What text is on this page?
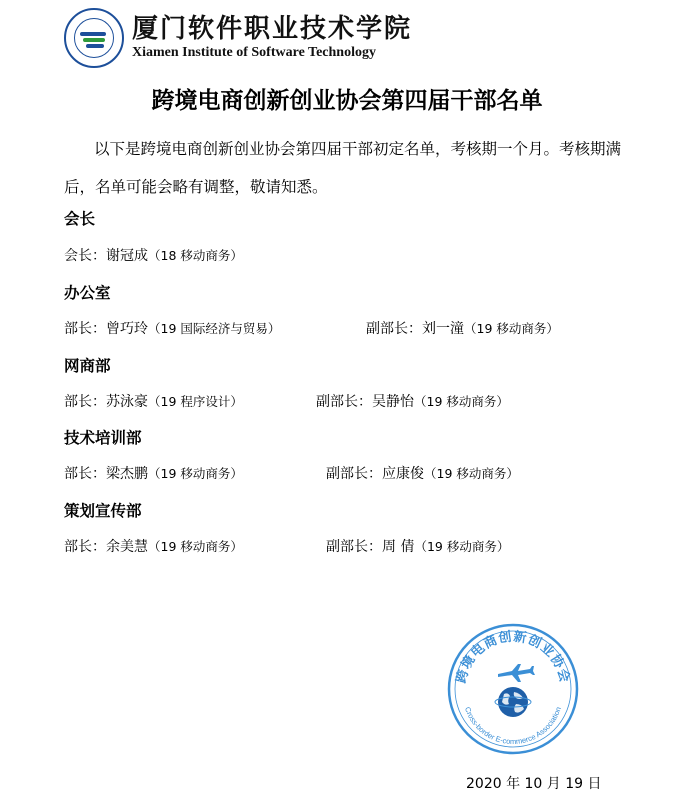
厦门软件职业技术学院
Xiamen Institute of Software Technology
跨境电商创新创业协会第四届干部名单
以下是跨境电商创新创业协会第四届干部初定名单，考核期一个月。考核期满后，名单可能会略有调整，敬请知悉。
会长
会长：谢冠成（18 移动商务）
办公室
部长：曾巧玲（19 国际经济与贸易）	副部长：刘一潼（19 移动商务）
网商部
部长：苏泳豪（19 程序设计）	副部长：吴静怡（19 移动商务）
技术培训部
部长：梁杰鹏（19 移动商务）	副部长：应康俊（19 移动商务）
策划宣传部
部长：余美慧（19 移动商务）	副部长：周 倩（19 移动商务）
跨境电商创新创业协会
Cross-border E-commerce Association
2020 年 10 月 19 日
